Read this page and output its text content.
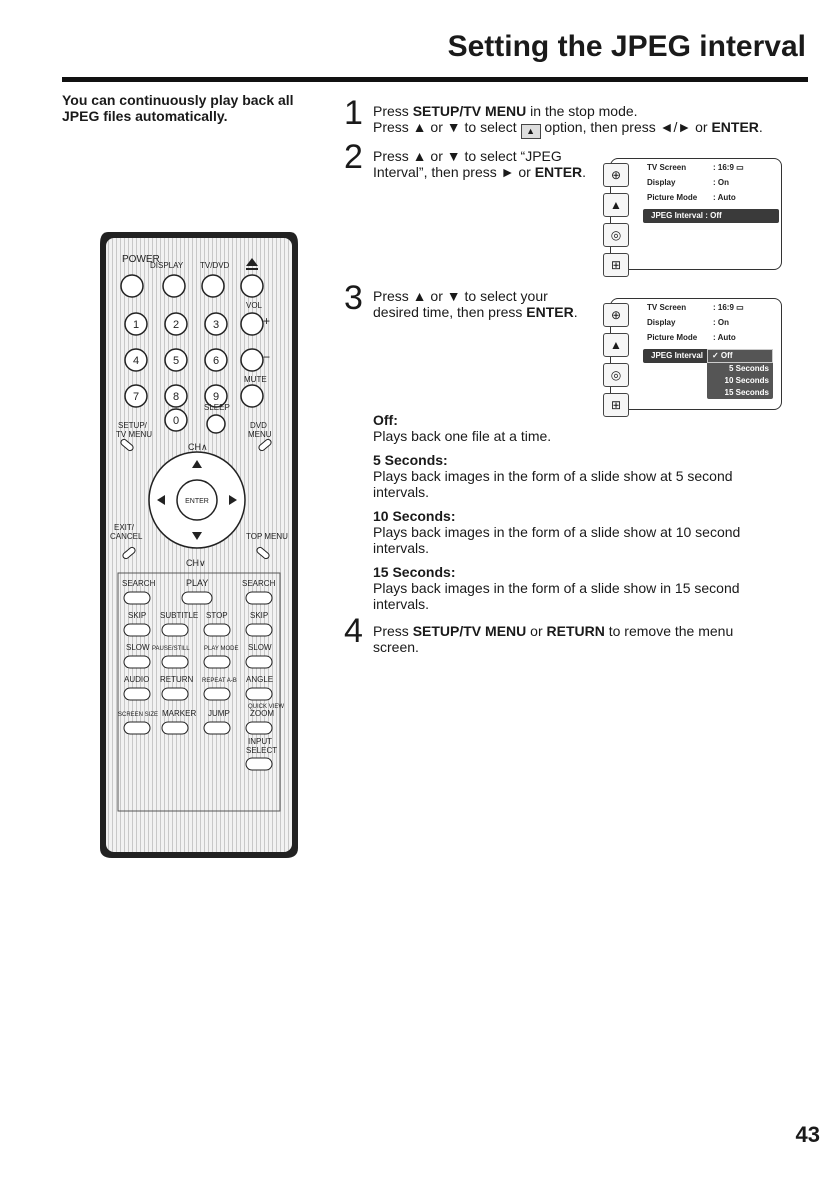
Setting the JPEG interval
You can continuously play back all JPEG files automatically.	1 Press SETUP/TV MENU in the stop mode.
Press ▲ or ▼ to select ▲ option, then press ◄/► or ENTER.
2 Press ▲ or ▼ to select “JPEG
Interval”, then press ► or ENTER.	⊕
▲
◎
⊞
TV Screen	: 16:9 ▭
Display	: On
Picture Mode : Auto
JPEG Interval : Off
3 Press ▲ or ▼ to select your
desired time, then press ENTER.	⊕
▲
◎
⊞
TV Screen	: 16:9 ▭
Display	: On
Picture Mode : Auto
JPEG Interval	✓ Off
5 Seconds
10 Seconds
15 Seconds
Off:
Plays back one file at a time.
5 Seconds:
Plays back images in the form of a slide show at 5 second
intervals.
10 Seconds:
Plays back images in the form of a slide show at 10 second
intervals.
15 Seconds:
Plays back images in the form of a slide show in 15 second
intervals.
4 Press SETUP/TV MENU or RETURN to remove the menu
screen.
POWER
DISPLAY TV/DVD
VOL
1	2	3
4	5	6
7	8	9
0
+
−
MUTE
SLEEP
SETUP/
TV MENU
DVD
MENU
CH∧
ENTER
EXIT/
CANCEL	TOP MENU
CH∨
SEARCH	PLAY	SEARCH
SKIP SUBTITLE STOP	SKIP
SLOW PAUSE/STILL PLAY MODE SLOW
AUDIO RETURN REPEAT A-B ANGLE
QUICK VIEW
SCREEN SIZE MARKER JUMP	ZOOM
INPUT
SELECT
43
